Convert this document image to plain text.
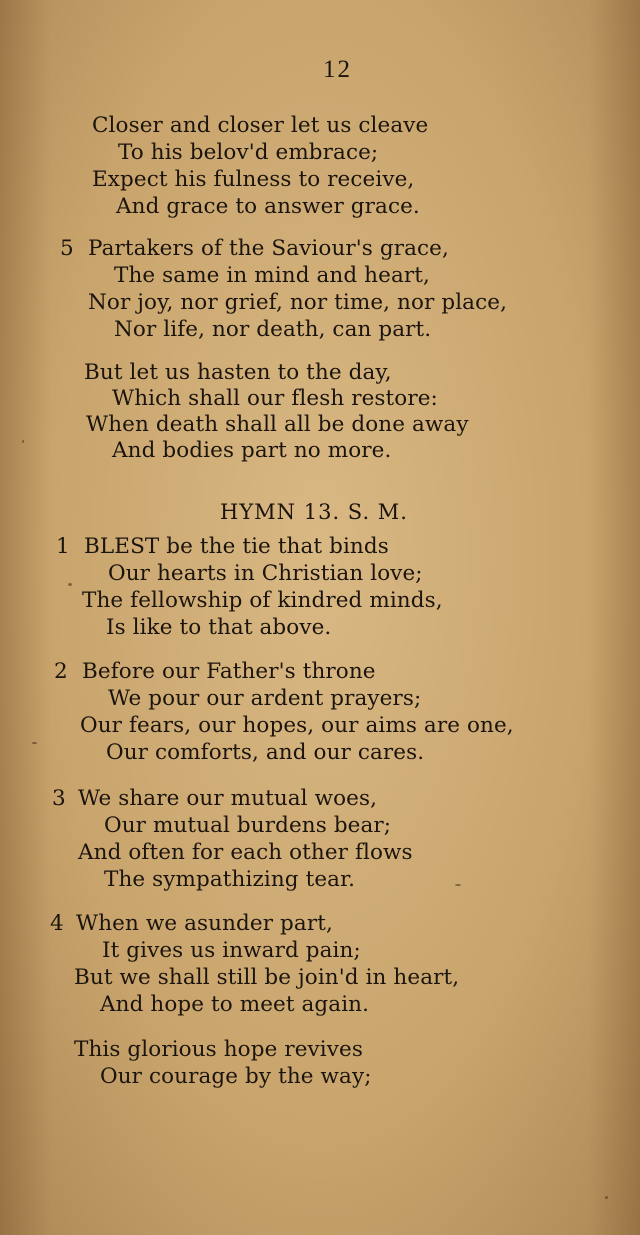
12
Closer and closer let us cleave
To his belov'd embrace;
Expect his fulness to receive,
And grace to answer grace.
5 Partakers of the Saviour's grace,
The same in mind and heart,
Nor joy, nor grief, nor time, nor place,
Nor life, nor death, can part.
But let us hasten to the day,
Which shall our flesh restore:
When death shall all be done away
And bodies part no more.
HYMN 13. S. M.
1 BLEST be the tie that binds
Our hearts in Christian love;
The fellowship of kindred minds,
Is like to that above.
2 Before our Father's throne
We pour our ardent prayers;
Our fears, our hopes, our aims are one,
Our comforts, and our cares.
3 We share our mutual woes,
Our mutual burdens bear;
And often for each other flows
The sympathizing tear.
4 When we asunder part,
It gives us inward pain;
But we shall still be join'd in heart,
And hope to meet again.
This glorious hope revives
Our courage by the way;
